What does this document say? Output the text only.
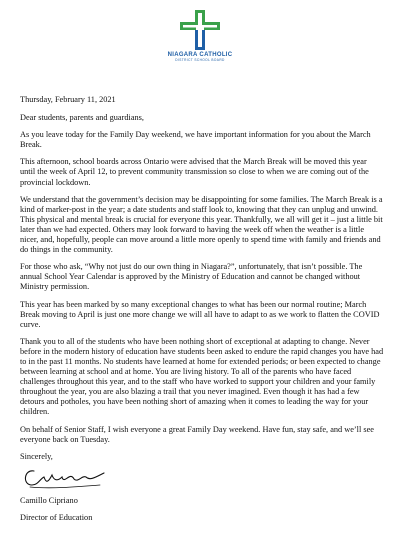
NIAGARA CATHOLIC
DISTRICT SCHOOL BOARD

Thursday, February 11, 2021

Dear students, parents and guardians,

As you leave today for the Family Day weekend, we have important information for you about the March Break.

This afternoon, school boards across Ontario were advised that the March Break will be moved this year until the week of April 12, to prevent community transmission so close to when we are coming out of the provincial lockdown.

We understand that the government’s decision may be disappointing for some families. The March Break is a kind of marker-post in the year; a date students and staff look to, knowing that they can unplug and unwind. This physical and mental break is crucial for everyone this year. Thankfully, we all will get it – just a little bit later than we had expected. Others may look forward to having the week off when the weather is a little nicer, and, hopefully, people can move around a little more openly to spend time with family and friends and do things in the community.

For those who ask, “Why not just do our own thing in Niagara?”, unfortunately, that isn’t possible. The annual School Year Calendar is approved by the Ministry of Education and cannot be changed without Ministry permission.

This year has been marked by so many exceptional changes to what has been our normal routine; March Break moving to April is just one more change we will all have to adapt to as we work to flatten the COVID curve.

Thank you to all of the students who have been nothing short of exceptional at adapting to change. Never before in the modern history of education have students been asked to endure the rapid changes you have had to in the past 11 months. No students have learned at home for extended periods; or been expected to change between learning at school and at home. You are living history. To all of the parents who have faced challenges throughout this year, and to the staff who have worked to support your children and your family throughout the year, you are also blazing a trail that you never imagined. Even though it has had a few detours and potholes, you have been nothing short of amazing when it comes to leading the way for your children.

On behalf of Senior Staff, I wish everyone a great Family Day weekend. Have fun, stay safe, and we’ll see everyone back on Tuesday.

Sincerely,

Camillo Cipriano

Director of Education
